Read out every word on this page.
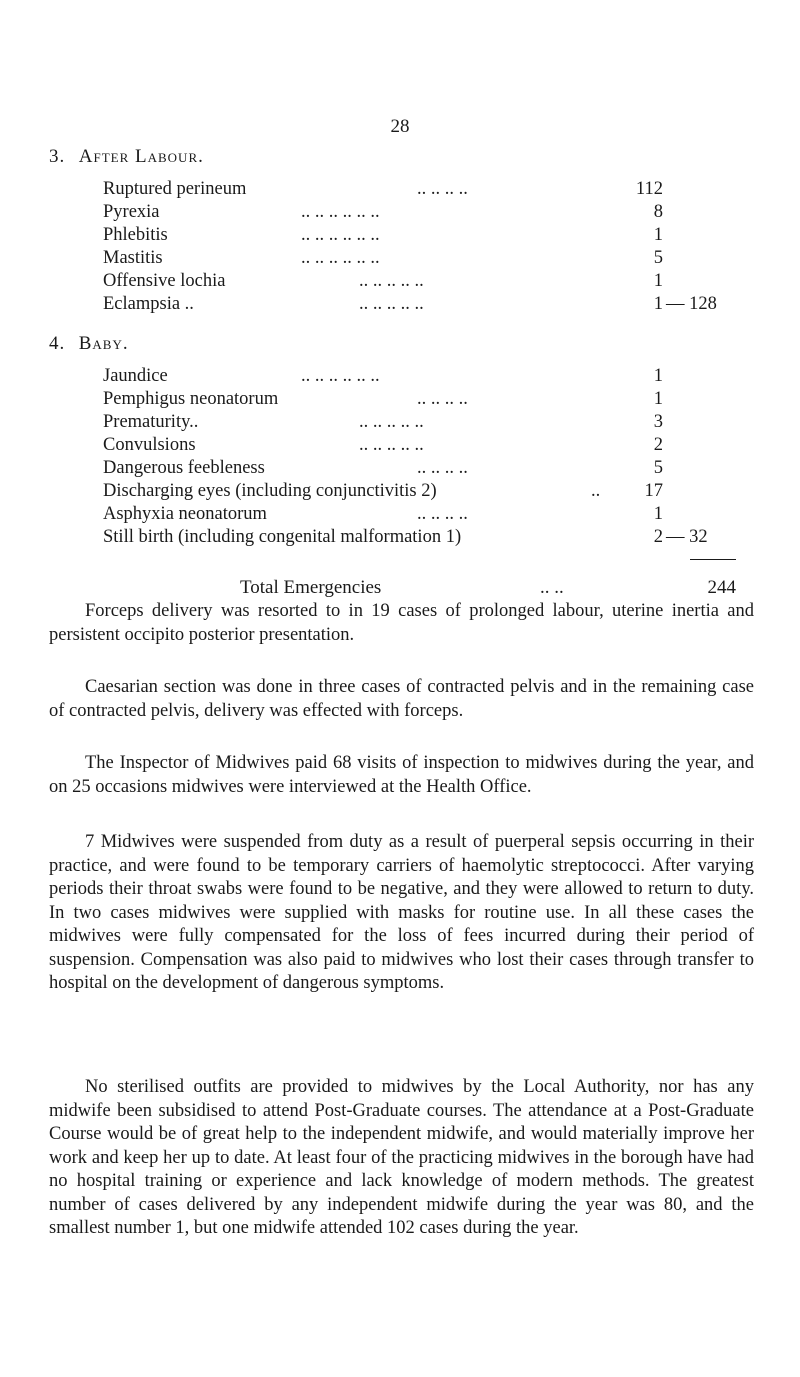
28
3. After Labour.
Ruptured perineum	.. .. .. ..	112
Pyrexia	.. .. .. .. .. ..	8
Phlebitis	.. .. .. .. .. ..	1
Mastitis	.. .. .. .. .. ..	5
Offensive lochia	.. .. .. .. ..	1
Eclampsia ..	.. .. .. .. ..	1 — 128
4. Baby.
Jaundice	.. .. .. .. .. ..	1
Pemphigus neonatorum	.. .. .. ..	1
Prematurity..	.. .. .. .. ..	3
Convulsions	.. .. .. .. ..	2
Dangerous feebleness	.. .. .. ..	5
Discharging eyes (including conjunctivitis 2)	..	17
Asphyxia neonatorum	.. .. .. ..	1
Still birth (including congenital malformation 1)	2 — 32
Total Emergencies	.. ..	244

Forceps delivery was resorted to in 19 cases of prolonged labour, uterine inertia and persistent occipito posterior presentation.

Caesarian section was done in three cases of contracted pelvis and in the remaining case of contracted pelvis, delivery was effected with forceps.

The Inspector of Midwives paid 68 visits of inspection to midwives during the year, and on 25 occasions midwives were interviewed at the Health Office.

7 Midwives were suspended from duty as a result of puerperal sepsis occurring in their practice, and were found to be temporary carriers of haemolytic streptococci. After varying periods their throat swabs were found to be negative, and they were allowed to return to duty. In two cases midwives were supplied with masks for routine use. In all these cases the midwives were fully compensated for the loss of fees incurred during their period of suspension. Compensation was also paid to midwives who lost their cases through transfer to hospital on the development of dangerous symptoms.

No sterilised outfits are provided to midwives by the Local Authority, nor has any midwife been subsidised to attend Post-Graduate courses. The attendance at a Post-Graduate Course would be of great help to the independent midwife, and would materially improve her work and keep her up to date. At least four of the practicing midwives in the borough have had no hospital training or experience and lack knowledge of modern methods. The greatest number of cases delivered by any independent midwife during the year was 80, and the smallest number 1, but one midwife attended 102 cases during the year.
